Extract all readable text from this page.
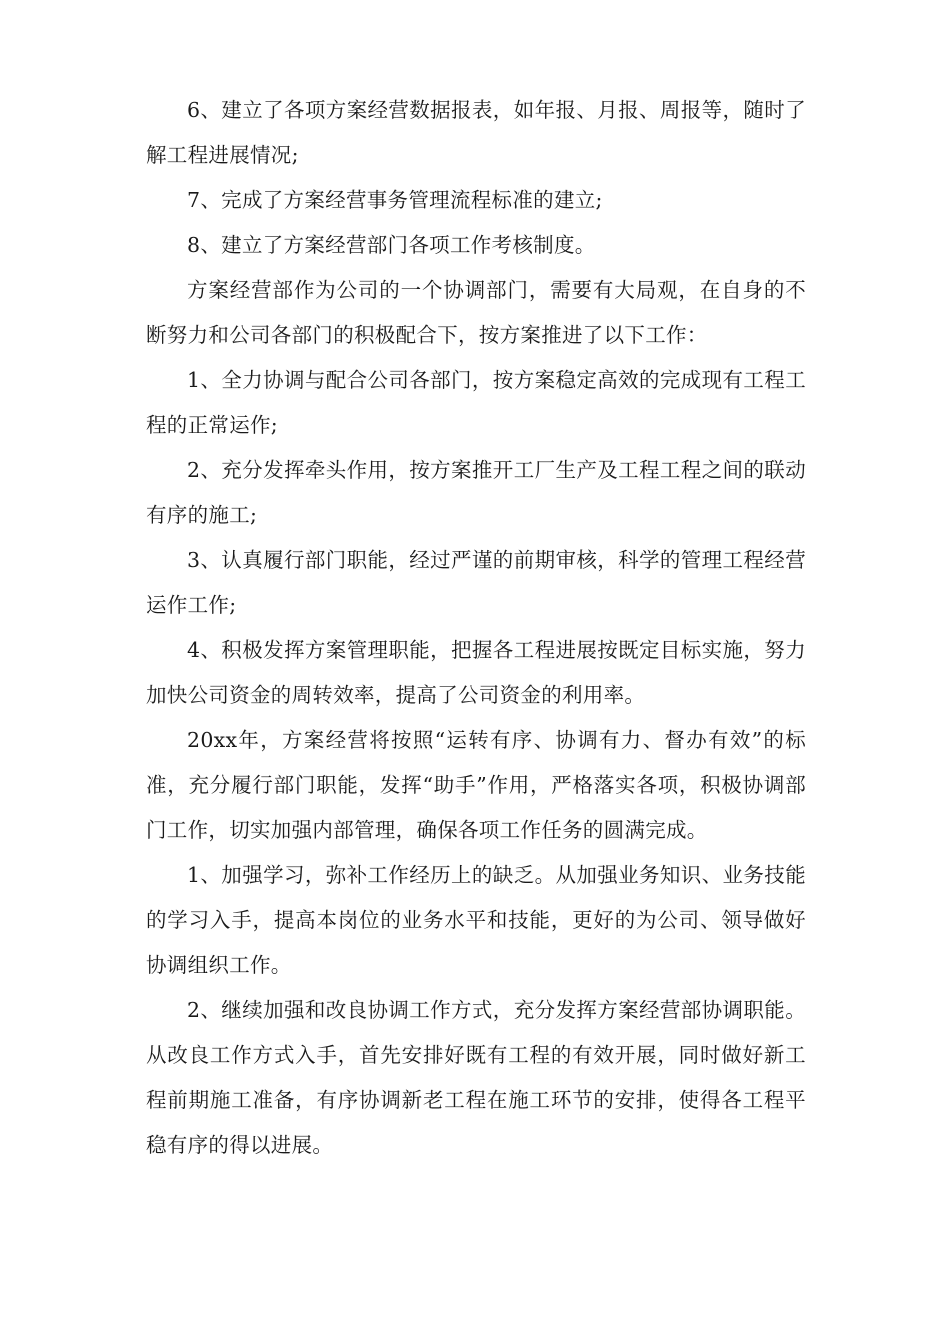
6、建立了各项方案经营数据报表，如年报、月报、周报等，随时了解工程进展情况;

7、完成了方案经营事务管理流程标准的建立;

8、建立了方案经营部门各项工作考核制度。

方案经营部作为公司的一个协调部门，需要有大局观，在自身的不断努力和公司各部门的积极配合下，按方案推进了以下工作：

1、全力协调与配合公司各部门，按方案稳定高效的完成现有工程工程的正常运作;

2、充分发挥牵头作用，按方案推开工厂生产及工程工程之间的联动有序的施工;

3、认真履行部门职能，经过严谨的前期审核，科学的管理工程经营运作工作;

4、积极发挥方案管理职能，把握各工程进展按既定目标实施，努力加快公司资金的周转效率，提高了公司资金的利用率。

20xx年，方案经营将按照“运转有序、协调有力、督办有效”的标准，充分履行部门职能，发挥“助手”作用，严格落实各项，积极协调部门工作，切实加强内部管理，确保各项工作任务的圆满完成。

1、加强学习，弥补工作经历上的缺乏。从加强业务知识、业务技能的学习入手，提高本岗位的业务水平和技能，更好的为公司、领导做好协调组织工作。

2、继续加强和改良协调工作方式，充分发挥方案经营部协调职能。从改良工作方式入手，首先安排好既有工程的有效开展，同时做好新工程前期施工准备，有序协调新老工程在施工环节的安排，使得各工程平稳有序的得以进展。
